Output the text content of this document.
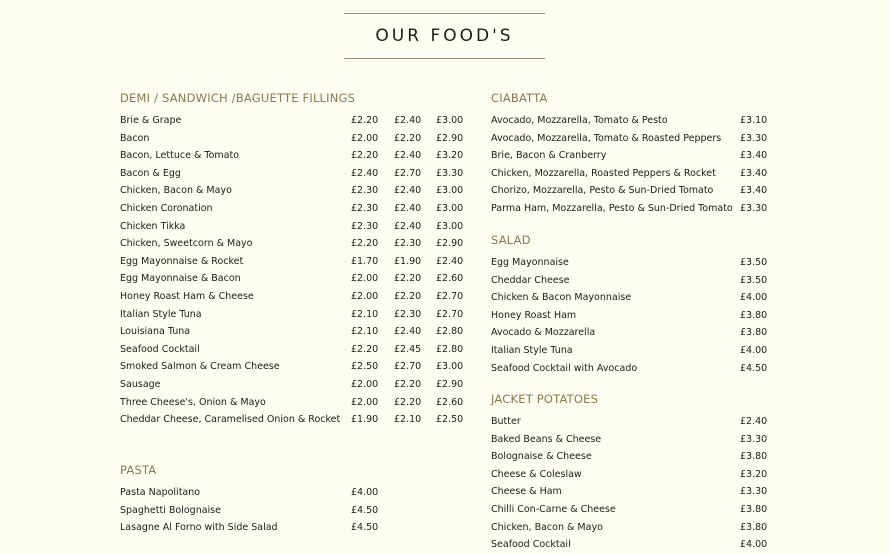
OUR FOOD'S
DEMI / SANDWICH /BAGUETTE FILLINGS
Brie & Grape	£2.20 £2.40 £3.00
Bacon	£2.00 £2.20 £2.90
Bacon, Lettuce & Tomato	£2.20 £2.40 £3.20
Bacon & Egg	£2.40 £2.70 £3.30
Chicken, Bacon & Mayo	£2.30 £2.40 £3.00
Chicken Coronation	£2.30 £2.40 £3.00
Chicken Tikka	£2.30 £2.40 £3.00
Chicken, Sweetcorn & Mayo	£2.20 £2.30 £2.90
Egg Mayonnaise & Rocket	£1.70 £1.90 £2.40
Egg Mayonnaise & Bacon	£2.00 £2.20 £2.60
Honey Roast Ham & Cheese	£2.00 £2.20 £2.70
Italian Style Tuna	£2.10 £2.30 £2.70
Louisiana Tuna	£2.10 £2.40 £2.80
Seafood Cocktail	£2.20 £2.45 £2.80
Smoked Salmon & Cream Cheese	£2.50 £2.70 £3.00
Sausage	£2.00 £2.20 £2.90
Three Cheese's, Onion & Mayo	£2.00 £2.20 £2.60
Cheddar Cheese, Caramelised Onion & Rocket £1.90 £2.10 £2.50
PASTA
Pasta Napolitano	£4.00
Spaghetti Bolognaise	£4.50
Lasagne Al Forno with Side Salad	£4.50
CIABATTA
Avocado, Mozzarella, Tomato & Pesto	£3.10
Avocado, Mozzarella, Tomato & Roasted Peppers £3.30
Brie, Bacon & Cranberry	£3.40
Chicken, Mozzarella, Roasted Peppers & Rocket	£3.40
Chorizo, Mozzarella, Pesto & Sun-Dried Tomato	£3.40
Parma Ham, Mozzarella, Pesto & Sun-Dried Tomato £3.30
SALAD
Egg Mayonnaise	£3.50
Cheddar Cheese	£3.50
Chicken & Bacon Mayonnaise	£4.00
Honey Roast Ham	£3.80
Avocado & Mozzarella	£3.80
Italian Style Tuna	£4.00
Seafood Cocktail with Avocado	£4.50
JACKET POTATOES
Butter	£2.40
Baked Beans & Cheese	£3.30
Bolognaise & Cheese	£3.80
Cheese & Coleslaw	£3.20
Cheese & Ham	£3.30
Chilli Con-Carne & Cheese	£3.80
Chicken, Bacon & Mayo	£3.80
Seafood Cocktail	£4.00
